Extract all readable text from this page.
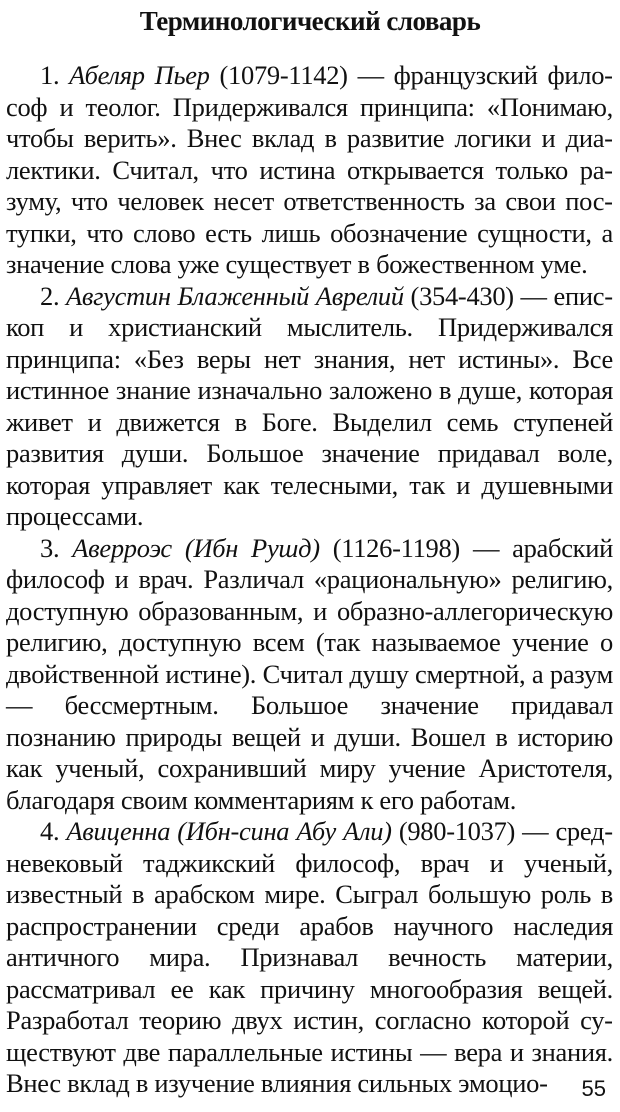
Терминологический словарь

1. Абеляр Пьер (1079-1142) — французский философ и теолог. Придерживался принципа: «Понимаю, чтобы верить». Внес вклад в развитие логики и диалектики. Считал, что истина открывается только разуму, что человек несет ответственность за свои поступки, что слово есть лишь обозначение сущности, а значение слова уже существует в божественном уме.

2. Августин Блаженный Аврелий (354-430) — епископ и христианский мыслитель. Придерживался принципа: «Без веры нет знания, нет истины». Все истинное знание изначально заложено в душе, которая живет и движется в Боге. Выделил семь ступеней развития души. Большое значение придавал воле, которая управляет как телесными, так и душевными процессами.

3. Аверроэс (Ибн Рушд) (1126-1198) — арабский философ и врач. Различал «рациональную» религию, доступную образованным, и образно-аллегорическую религию, доступную всем (так называемое учение о двойственной истине). Считал душу смертной, а разум — бессмертным. Большое значение придавал познанию природы вещей и души. Вошел в историю как ученый, сохранивший миру учение Аристотеля, благодаря своим комментариям к его работам.

4. Авиценна (Ибн-сина Абу Али) (980-1037) — средневековый таджикский философ, врач и ученый, известный в арабском мире. Сыграл большую роль в распространении среди арабов научного наследия античного мира. Признавал вечность материи, рассматривал ее как причину многообразия вещей. Разработал теорию двух истин, согласно которой существуют две параллельные истины — вера и знания. Внес вклад в изучение влияния сильных эмоцио-	55
